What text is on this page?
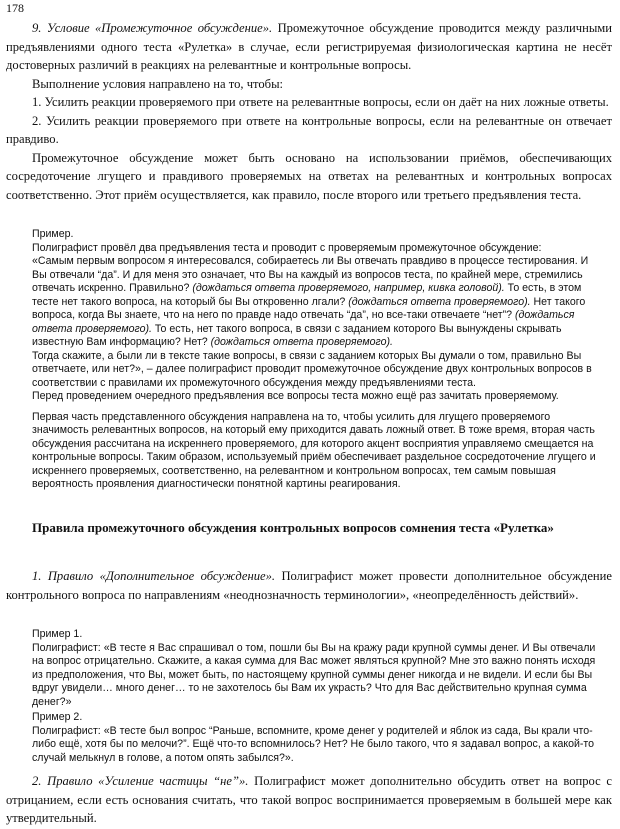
178

9. Условие «Промежуточное обсуждение». Промежуточное обсуждение проводится между различными предъявлениями одного теста «Рулетка» в случае, если регистрируемая физиологическая картина не несёт достоверных различий в реакциях на релевантные и контрольные вопросы.

Выполнение условия направлено на то, чтобы:

1. Усилить реакции проверяемого при ответе на релевантные вопросы, если он даёт на них ложные ответы.

2. Усилить реакции проверяемого при ответе на контрольные вопросы, если на релевантные он отвечает правдиво.

Промежуточное обсуждение может быть основано на использовании приёмов, обеспечивающих сосредоточение лгущего и правдивого проверяемых на ответах на релевантных и контрольных вопросах соответственно. Этот приём осуществляется, как правило, после второго или третьего предъявления теста.

Пример.

Полиграфист провёл два предъявления теста и проводит с проверяемым промежуточное обсуждение:

«Самым первым вопросом я интересовался, собираетесь ли Вы отвечать правдиво в процессе тестирования. И Вы отвечали “да”. И для меня это означает, что Вы на каждый из вопросов теста, по крайней мере, стремились отвечать искренно. Правильно? (дождаться ответа проверяемого, например, кивка головой). То есть, в этом тесте нет такого вопроса, на который бы Вы откровенно лгали? (дождаться ответа проверяемого). Нет такого вопроса, когда Вы знаете, что на него по правде надо отвечать “да”, но все-таки отвечаете “нет”? (дождаться ответа проверяемого). То есть, нет такого вопроса, в связи с заданием которого Вы вынуждены скрывать известную Вам информацию? Нет? (дождаться ответа проверяемого).

Тогда скажите, а были ли в тексте такие вопросы, в связи с заданием которых Вы думали о том, правильно Вы ответчаете, или нет?», – далее полиграфист проводит промежуточное обсуждение двух контрольных вопросов в соответствии с правилами их промежуточного обсуждения между предъявлениями теста.

Перед проведением очередного предъявления все вопросы теста можно ещё раз зачитать проверяемому.

Первая часть представленного обсуждения направлена на то, чтобы усилить для лгущего проверяемого значимость релевантных вопросов, на который ему приходится давать ложный ответ. В тоже время, вторая часть обсуждения рассчитана на искреннего проверяемого, для которого акцент восприятия управляемо смещается на контрольные вопросы. Таким образом, используемый приём обеспечивает раздельное сосредоточение лгущего и искреннего проверяемых, соответственно, на релевантном и контрольном вопросах, тем самым повышая вероятность проявления диагностически понятной картины реагирования.

Правила промежуточного обсуждения контрольных вопросов сомнения теста «Рулетка»

1. Правило «Дополнительное обсуждение». Полиграфист может провести дополнительное обсуждение контрольного вопроса по направлениям «неоднозначность терминологии», «неопределённость действий».

Пример 1.

Полиграфист: «В тесте я Вас спрашивал о том, пошли бы Вы на кражу ради крупной суммы денег. И Вы отвечали на вопрос отрицательно. Скажите, а какая сумма для Вас может являться крупной? Мне это важно понять исходя из предположения, что Вы, может быть, по настоящему крупной суммы денег никогда и не видели. И если бы Вы вдруг увидели… много денег… то не захотелось бы Вам их украсть? Что для Вас действительно крупная сумма денег?»

Пример 2.

Полиграфист: «В тесте был вопрос “Раньше, вспомните, кроме денег у родителей и яблок из сада, Вы крали что-либо ещё, хотя бы по мелочи?”. Ещё что-то вспомнилось? Нет? Не было такого, что я задавал вопрос, а какой-то случай мелькнул в голове, а потом опять забылся?».

2. Правило «Усиление частицы “не”». Полиграфист может дополнительно обсудить ответ на вопрос с отрицанием, если есть основания считать, что такой вопрос воспринимается проверяемым в большей мере как утвердительный.
